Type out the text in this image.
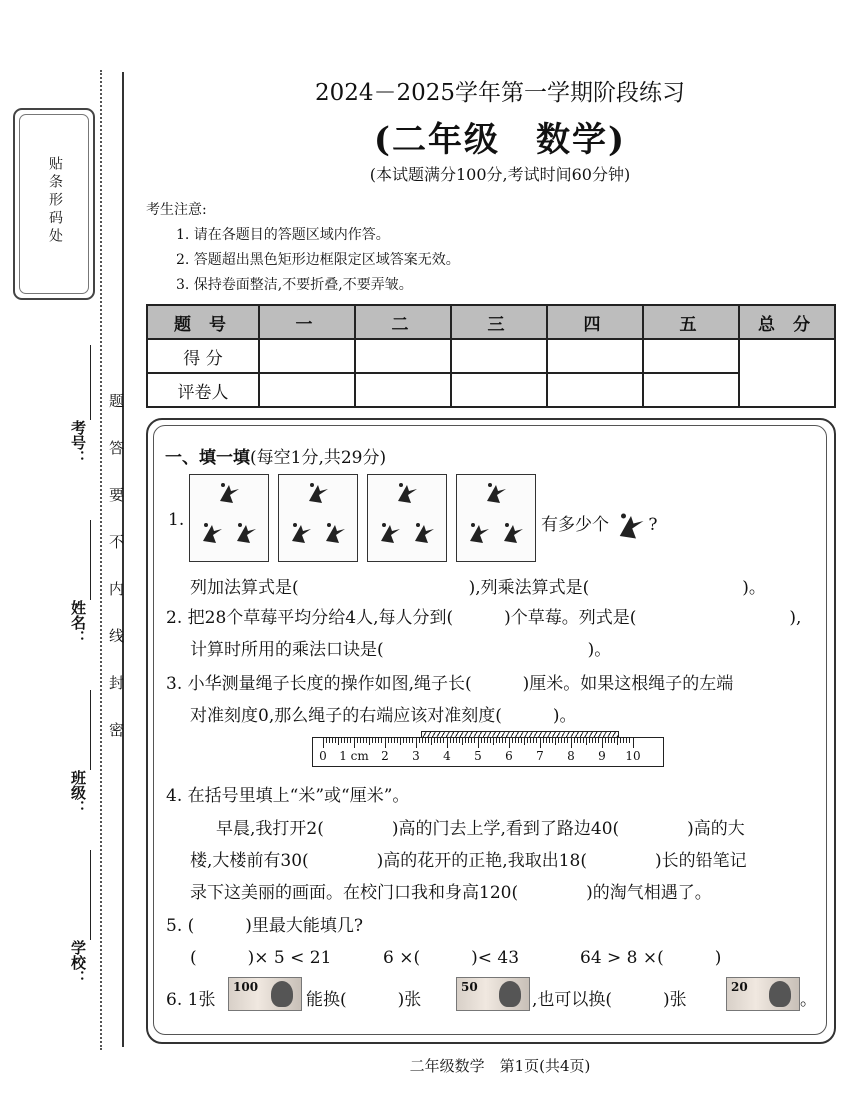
贴条形码处
考号：
姓名：
班级：
学校：
题
答
要
不
内
线
封
密
2024－2025学年第一学期阶段练习
(二年级　数学)
(本试题满分100分,考试时间60分钟)
考生注意:
1. 请在各题目的答题区域内作答。
2. 答题超出黑色矩形边框限定区域答案无效。
3. 保持卷面整洁,不要折叠,不要弄皱。
题 号	一	二	三	四	五	总 分
得 分						
评卷人						
一、填一填(每空1分,共29分)
1.	有多少个 ?
列加法算式是(　　　　　　　　　　),列乘法算式是(　　　　　　　　　)。
2. 把28个草莓平均分给4人,每人分到(　　　)个草莓。列式是(　　　　　　　　　),
计算时所用的乘法口诀是(　　　　　　　　　　　　)。
3. 小华测量绳子长度的操作如图,绳子长(　　　)厘米。如果这根绳子的左端
对准刻度0,那么绳子的右端应该对准刻度(　　　)。
0 1 cm 2 3 4 5 6 7 8 9 10
4. 在括号里填上“米”或“厘米”。
早晨,我打开2(　　　　)高的门去上学,看到了路边40(　　　　)高的大
楼,大楼前有30(　　　　)高的花开的正艳,我取出18(　　　　)长的铅笔记
录下这美丽的画面。在校门口我和身高120(　　　　)的淘气相遇了。
5. (　　　)里最大能填几?
(　　　)× 5 < 21	6 ×(　　　)< 43	64 > 8 ×(　　　)
6. 1张
100
能换(　　　)张
50
,也可以换(　　　)张
20
。
二年级数学　第1页(共4页)
